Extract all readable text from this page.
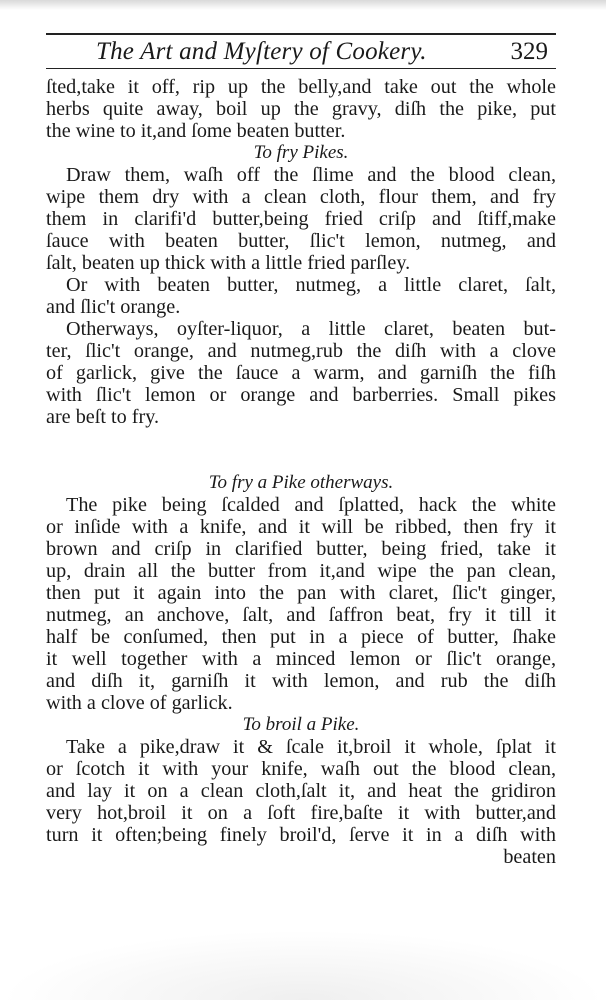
The Art and Myſtery of Cookery.	329
ſted,take it off, rip up the belly,and take out the whole
herbs quite away, boil up the gravy, diſh the pike, put
the wine to it,and ſome beaten butter.
To fry Pikes.
Draw them, waſh off the ſlime and the blood clean,
wipe them dry with a clean cloth, flour them, and fry
them in clarifi'd butter,being fried criſp and ſtiff,make
ſauce with beaten butter, ſlic't lemon, nutmeg, and
ſalt, beaten up thick with a little fried parſley.
Or with beaten butter, nutmeg, a little claret, ſalt,
and ſlic't orange.
Otherways, oyſter-liquor, a little claret, beaten but-
ter, ſlic't orange, and nutmeg,rub the diſh with a clove
of garlick, give the ſauce a warm, and garniſh the fiſh
with ſlic't lemon or orange and barberries. Small pikes
are beſt to fry.
To fry a Pike otherways.
The pike being ſcalded and ſplatted, hack the white
or inſide with a knife, and it will be ribbed, then fry it
brown and criſp in clarified butter, being fried, take it
up, drain all the butter from it,and wipe the pan clean,
then put it again into the pan with claret, ſlic't ginger,
nutmeg, an anchove, ſalt, and ſaffron beat, fry it till it
half be conſumed, then put in a piece of butter, ſhake
it well together with a minced lemon or ſlic't orange,
and diſh it, garniſh it with lemon, and rub the diſh
with a clove of garlick.
To broil a Pike.
Take a pike,draw it & ſcale it,broil it whole, ſplat it
or ſcotch it with your knife, waſh out the blood clean,
and lay it on a clean cloth,ſalt it, and heat the gridiron
very hot,broil it on a ſoft fire,baſte it with butter,and
turn it often;being finely broil'd, ſerve it in a diſh with
beaten
